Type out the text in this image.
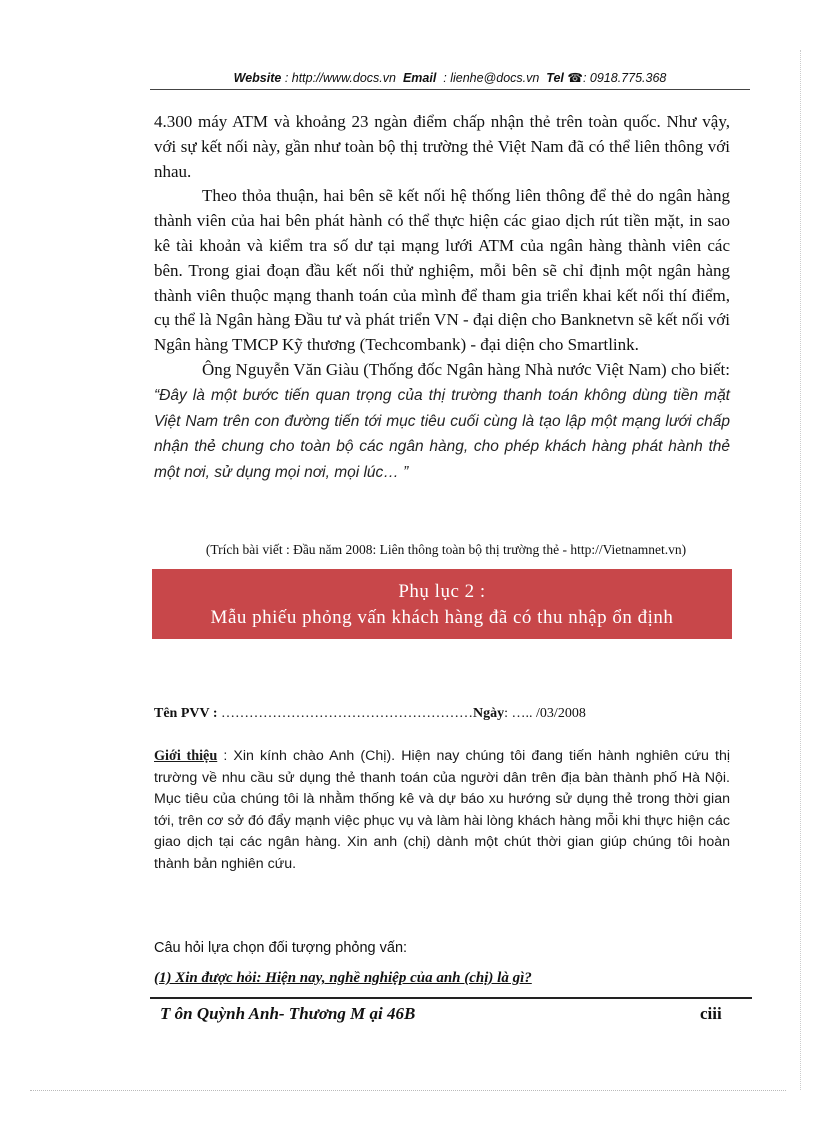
Website : http://www.docs.vn Email : lienhe@docs.vn Tel ☎: 0918.775.368

4.300 máy ATM và khoảng 23 ngàn điểm chấp nhận thẻ trên toàn quốc. Như vậy, với sự kết nối này, gần như toàn bộ thị trường thẻ Việt Nam đã có thể liên thông với nhau.

Theo thỏa thuận, hai bên sẽ kết nối hệ thống liên thông để thẻ do ngân hàng thành viên của hai bên phát hành có thể thực hiện các giao dịch rút tiền mặt, in sao kê tài khoản và kiểm tra số dư tại mạng lưới ATM của ngân hàng thành viên các bên. Trong giai đoạn đầu kết nối thử nghiệm, mỗi bên sẽ chỉ định một ngân hàng thành viên thuộc mạng thanh toán của mình để tham gia triển khai kết nối thí điểm, cụ thể là Ngân hàng Đầu tư và phát triển VN - đại diện cho Banknetvn sẽ kết nối với Ngân hàng TMCP Kỹ thương (Techcombank) - đại diện cho Smartlink.

Ông Nguyễn Văn Giàu (Thống đốc Ngân hàng Nhà nước Việt Nam) cho biết: “Đây là một bước tiến quan trọng của thị trường thanh toán không dùng tiền mặt Việt Nam trên con đường tiến tới mục tiêu cuối cùng là tạo lập một mạng lưới chấp nhận thẻ chung cho toàn bộ các ngân hàng, cho phép khách hàng phát hành thẻ một nơi, sử dụng mọi nơi, mọi lúc… ”

(Trích bài viết : Đầu năm 2008: Liên thông toàn bộ thị trường thẻ - http://Vietnamnet.vn)
Phụ lục 2 :
Mẫu phiếu phỏng vấn khách hàng đã có thu nhập ổn định
Tên PVV : ………………………………………………Ngày: ….. /03/2008
Giới thiệu : Xin kính chào Anh (Chị). Hiện nay chúng tôi đang tiến hành nghiên cứu thị trường về nhu cầu sử dụng thẻ thanh toán của người dân trên địa bàn thành phố Hà Nội. Mục tiêu của chúng tôi là nhằm thống kê và dự báo xu hướng sử dụng thẻ trong thời gian tới, trên cơ sở đó đẩy mạnh việc phục vụ và làm hài lòng khách hàng mỗi khi thực hiện các giao dịch tại các ngân hàng. Xin anh (chị) dành một chút thời gian giúp chúng tôi hoàn thành bản nghiên cứu.
Câu hỏi lựa chọn đối tượng phỏng vấn:
(1) Xin được hỏi: Hiện nay, nghề nghiệp của anh (chị) là gì?
T ôn Quỳnh Anh- Thương M ại 46B	ciii
